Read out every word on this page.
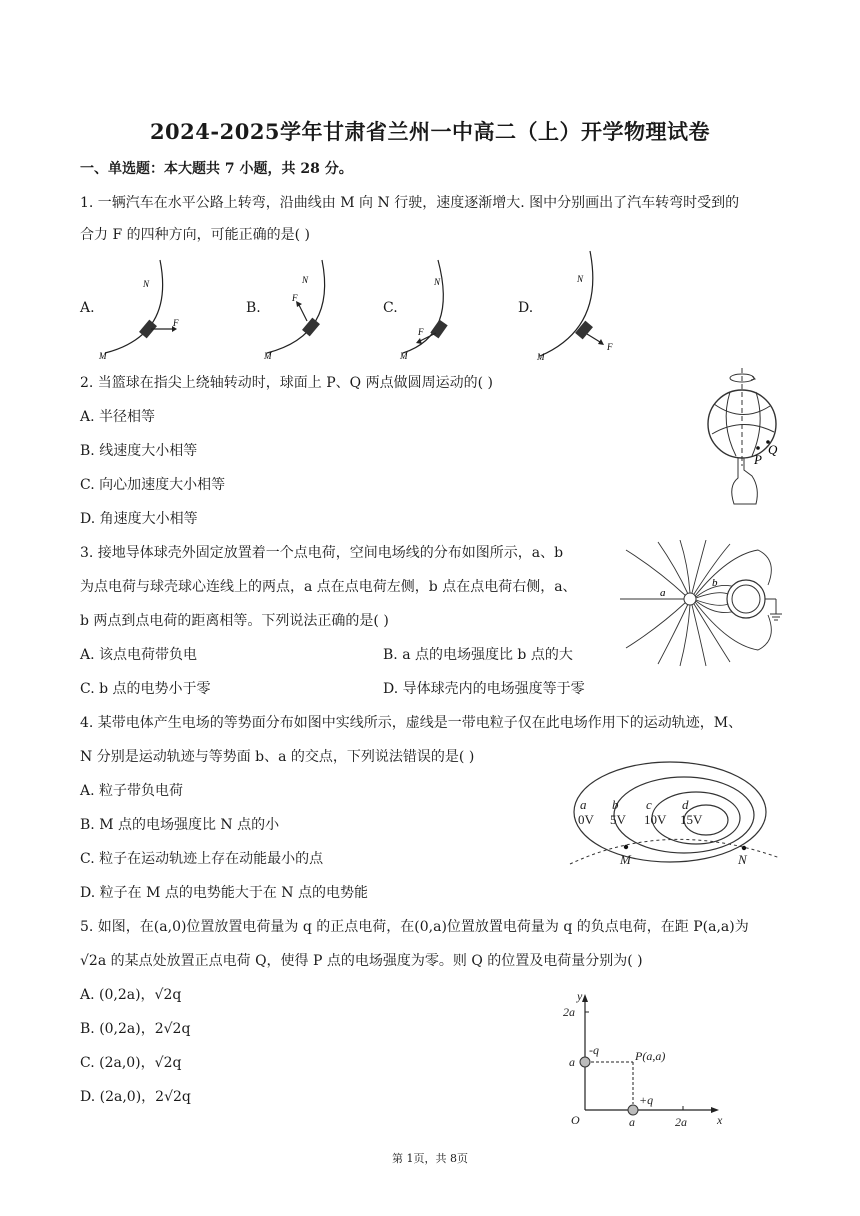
2024-2025学年甘肃省兰州一中高二（上）开学物理试卷
一、单选题：本大题共 7 小题，共 28 分。
1. 一辆汽车在水平公路上转弯，沿曲线由 M 向 N 行驶，速度逐渐增大. 图中分别画出了汽车转弯时受到的
合力 F 的四种方向，可能正确的是( )
A.	B.	C.	D.
N
M
F
N
M
F
N
M
F
N
M
F
2. 当篮球在指尖上绕轴转动时，球面上 P、Q 两点做圆周运动的( )
A. 半径相等
B. 线速度大小相等
C. 向心加速度大小相等
D. 角速度大小相等
P
Q
3. 接地导体球壳外固定放置着一个点电荷，空间电场线的分布如图所示，a、b
为点电荷与球壳球心连线上的两点，a 点在点电荷左侧，b 点在点电荷右侧，a、
b 两点到点电荷的距离相等。下列说法正确的是( )
A. 该点电荷带负电	B. a 点的电场强度比 b 点的大
C. b 点的电势小于零	D. 导体球壳内的电场强度等于零
a
b
4. 某带电体产生电场的等势面分布如图中实线所示，虚线是一带电粒子仅在此电场作用下的运动轨迹，M、
N 分别是运动轨迹与等势面 b、a 的交点，下列说法错误的是( )
A. 粒子带负电荷
B. M 点的电场强度比 N 点的小
C. 粒子在运动轨迹上存在动能最小的点
D. 粒子在 M 点的电势能大于在 N 点的电势能
a b c d
0V 5V 10V 15V
M	N
5. 如图，在(a,0)位置放置电荷量为 q 的正点电荷，在(0,a)位置放置电荷量为 q 的负点电荷，在距 P(a,a)为
√2a 的某点处放置正点电荷 Q，使得 P 点的电场强度为零。则 Q 的位置及电荷量分别为( )
A. (0,2a)，√2q
B. (0,2a)，2√2q
C. (2a,0)，√2q
D. (2a,0)，2√2q
y
x
2a
a
O	a	2a
-q
+q
P(a,a)
第 1页，共 8页
